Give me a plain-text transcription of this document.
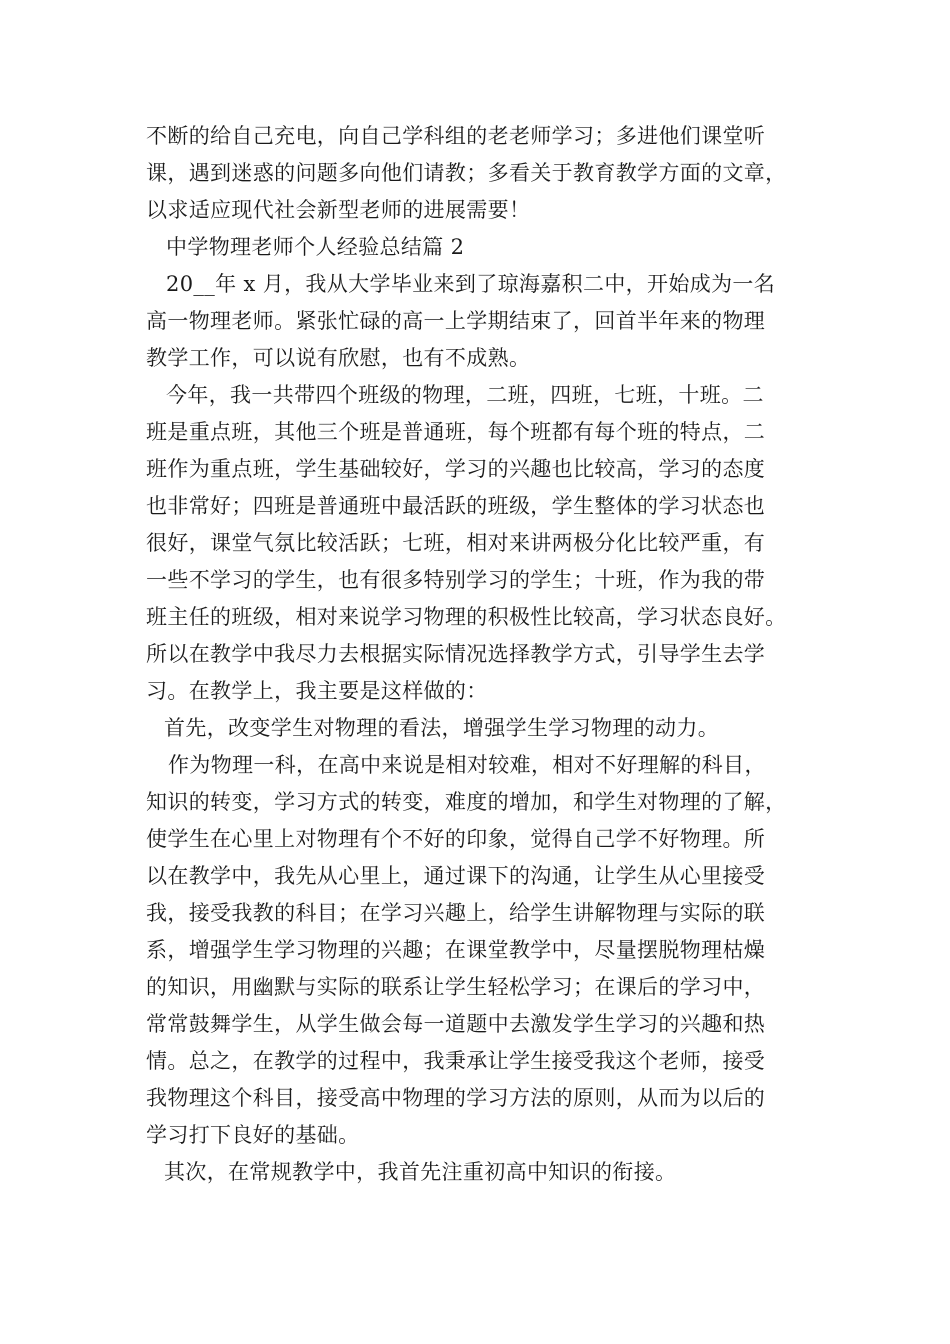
不断的给自己充电，向自己学科组的老老师学习；多进他们课堂听
课，遇到迷惑的问题多向他们请教；多看关于教育教学方面的文章，
以求适应现代社会新型老师的进展需要！
中学物理老师个人经验总结篇 2
20__年 x 月，我从大学毕业来到了琼海嘉积二中，开始成为一名
高一物理老师。紧张忙碌的高一上学期结束了，回首半年来的物理
教学工作，可以说有欣慰，也有不成熟。
今年，我一共带四个班级的物理，二班，四班，七班，十班。二
班是重点班，其他三个班是普通班，每个班都有每个班的特点，二
班作为重点班，学生基础较好，学习的兴趣也比较高，学习的态度
也非常好；四班是普通班中最活跃的班级，学生整体的学习状态也
很好，课堂气氛比较活跃；七班，相对来讲两极分化比较严重，有
一些不学习的学生，也有很多特别学习的学生；十班，作为我的带
班主任的班级，相对来说学习物理的积极性比较高，学习状态良好。
所以在教学中我尽力去根据实际情况选择教学方式，引导学生去学
习。在教学上，我主要是这样做的：
首先，改变学生对物理的看法，增强学生学习物理的动力。
作为物理一科，在高中来说是相对较难，相对不好理解的科目，
知识的转变，学习方式的转变，难度的增加，和学生对物理的了解，
使学生在心里上对物理有个不好的印象，觉得自己学不好物理。所
以在教学中，我先从心里上，通过课下的沟通，让学生从心里接受
我，接受我教的科目；在学习兴趣上，给学生讲解物理与实际的联
系，增强学生学习物理的兴趣；在课堂教学中，尽量摆脱物理枯燥
的知识，用幽默与实际的联系让学生轻松学习；在课后的学习中，
常常鼓舞学生，从学生做会每一道题中去激发学生学习的兴趣和热
情。总之，在教学的过程中，我秉承让学生接受我这个老师，接受
我物理这个科目，接受高中物理的学习方法的原则，从而为以后的
学习打下良好的基础。
其次，在常规教学中，我首先注重初高中知识的衔接。
